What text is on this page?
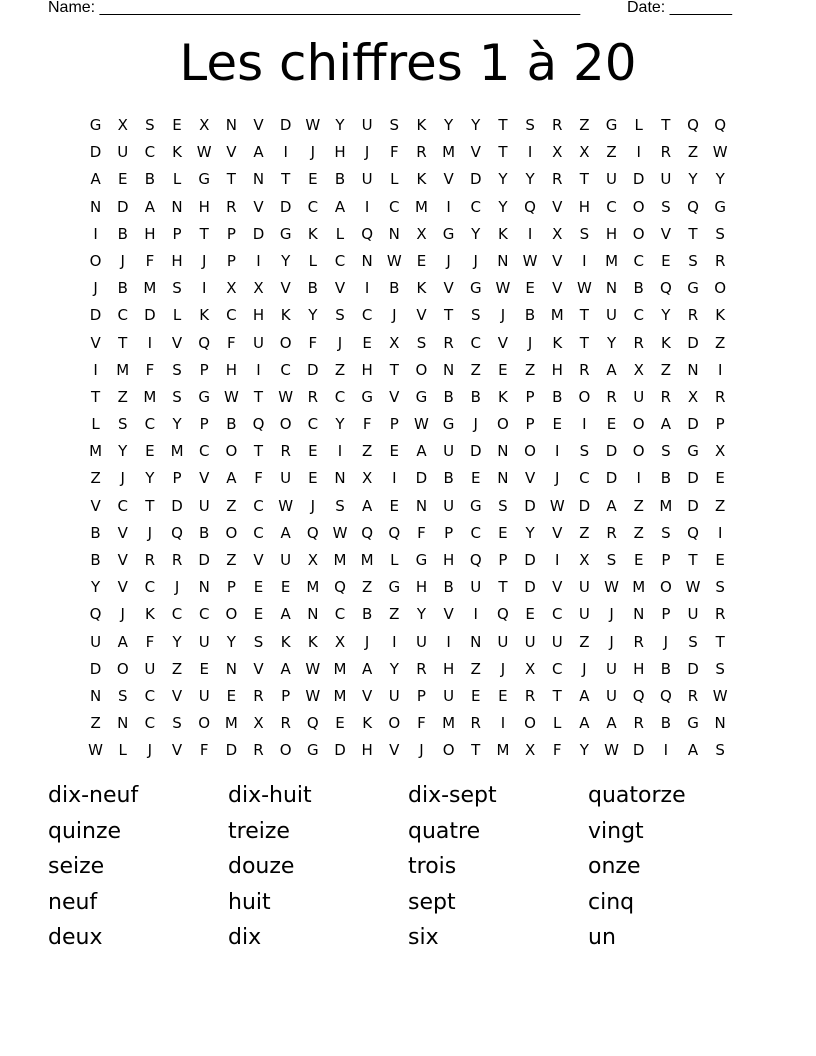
Name: ______________________________________________________	Date: _______
Les chiffres 1 à 20
G	X	S	E	X	N	V	D W	Y	U	S	K	Y	Y	T	S	R	Z	G	L	T	Q	Q
D	U	C	K W V	A	I	J	H	J	F	R	M	V	T	I	X	X	Z	I	R	Z W
A	E	B	L	G	T	N	T	E	B	U	L	K	V	D	Y	Y	R	T	U	D	U	Y	Y
N	D	A	N	H	R	V	D	C	A	I	C	M	I	C	Y	Q	V	H	C	O	S	Q	G
I	B	H	P	T	P	D	G	K	L	Q	N	X	G	Y	K	I	X	S	H	O	V	T	S
O	J	F	H	J	P	I	Y	L	C	N W E	J	J	N W V	I	M	C	E	S	R
J	B	M	S	I	X	X	V	B	V	I	B	K	V	G W E	V W N	B	Q	G	O
D	C	D	L	K	C	H	K	Y	S	C	J	V	T	S	J	B	M	T	U	C	Y	R	K
V	T	I	V	Q	F	U	O	F	J	E	X	S	R	C	V	J	K	T	Y	R	K	D	Z
I	M	F	S	P	H	I	C	D	Z	H	T	O	N	Z	E	Z	H	R	A	X	Z	N	I
T	Z	M	S	G W	T	W R	C	G	V	G	B	B	K	P	B	O	R	U	R	X	R
L	S	C	Y	P	B	Q	O	C	Y	F	P	W G	J	O	P	E	I	E	O	A	D	P
M	Y	E	M	C	O	T	R	E	I	Z	E	A	U	D	N	O	I	S	D	O	S	G	X
Z	J	Y	P	V	A	F	U	E	N	X	I	D	B	E	N	V	J	C	D	I	B	D	E
V	C	T	D	U	Z	C W	J	S	A	E	N	U	G	S	D W D	A	Z	M D	Z
B	V	J	Q	B	O	C	A	Q W Q	Q	F	P	C	E	Y	V	Z	R	Z	S	Q	I
B	V	R	R	D	Z	V	U	X	M M	L	G	H	Q	P	D	I	X	S	E	P	T	E
Y	V	C	J	N	P	E	E	M Q	Z	G	H	B	U	T	D	V	U W M O W S
Q	J	K	C	C	O	E	A	N	C	B	Z	Y	V	I	Q	E	C	U	J	N	P	U	R
U	A	F	Y	U	Y	S	K	K	X	J	I	U	I	N	U	U	U	Z	J	R	J	S	T
D	O	U	Z	E	N	V	A W M	A	Y	R	H	Z	J	X	C	J	U	H	B	D	S
N	S	C	V	U	E	R	P	W M	V	U	P	U	E	E	R	T	A	U	Q	Q	R W
Z	N	C	S	O M	X	R	Q	E	K	O	F	M	R	I	O	L	A	A	R	B	G	N
W	L	J	V	F	D	R	O	G	D	H	V	J	O	T	M	X	F	Y	W D	I	A	S
dix-neuf	dix-huit	dix-sept	quatorze
quinze	treize	quatre	vingt
seize	douze	trois	onze
neuf	huit	sept	cinq
deux	dix	six	un
